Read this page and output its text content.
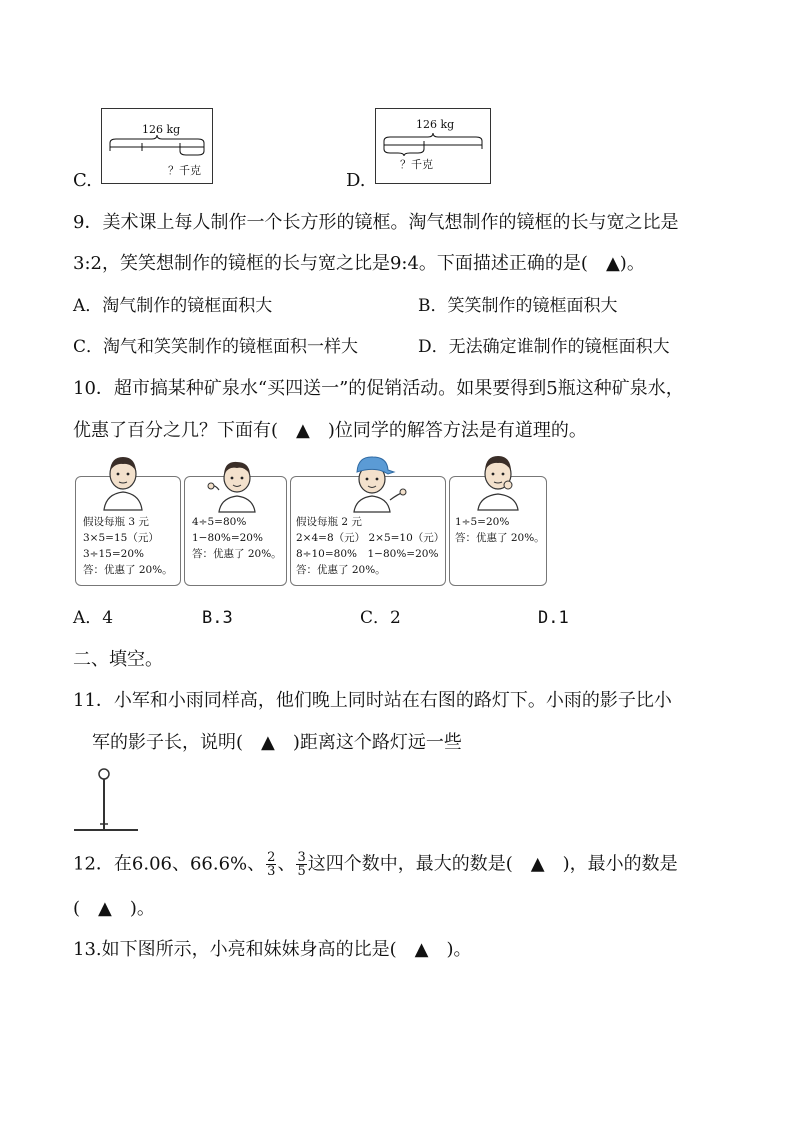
C.
126 kg
？千克	D.
126 kg
？千克
9．美术课上每人制作一个长方形的镜框。淘气想制作的镜框的长与宽之比是
3:2，笑笑想制作的镜框的长与宽之比是9:4。下面描述正确的是(　▲)。
A．淘气制作的镜框面积大	B．笑笑制作的镜框面积大
C．淘气和笑笑制作的镜框面积一样大	D．无法确定谁制作的镜框面积大
10．超市搞某种矿泉水“买四送一”的促销活动。如果要得到5瓶这种矿泉水，
优惠了百分之几？下面有(　▲　)位同学的解答方法是有道理的。
假设每瓶 3 元
3×5=15（元）
3÷15=20%
答：优惠了 20%。
4÷5=80%
1−80%=20%
答：优惠了 20%。
假设每瓶 2 元
2×4=8（元） 2×5=10（元）
8÷10=80%　1−80%=20%
答：优惠了 20%。
1÷5=20%
答：优惠了 20%。
A．4	B.3	C．2	D.1
二、填空。
11．小军和小雨同样高，他们晚上同时站在右图的路灯下。小雨的影子比小
军的影子长，说明(　▲　)距离这个路灯远一些
12．在6.06、66.6%、 $\frac{2}{3}$ 、 $\frac{3}{5}$ 这四个数中，最大的数是(　▲　)，最小的数是
(　▲　)。
13.如下图所示，小亮和妹妹身高的比是(　▲　)。
